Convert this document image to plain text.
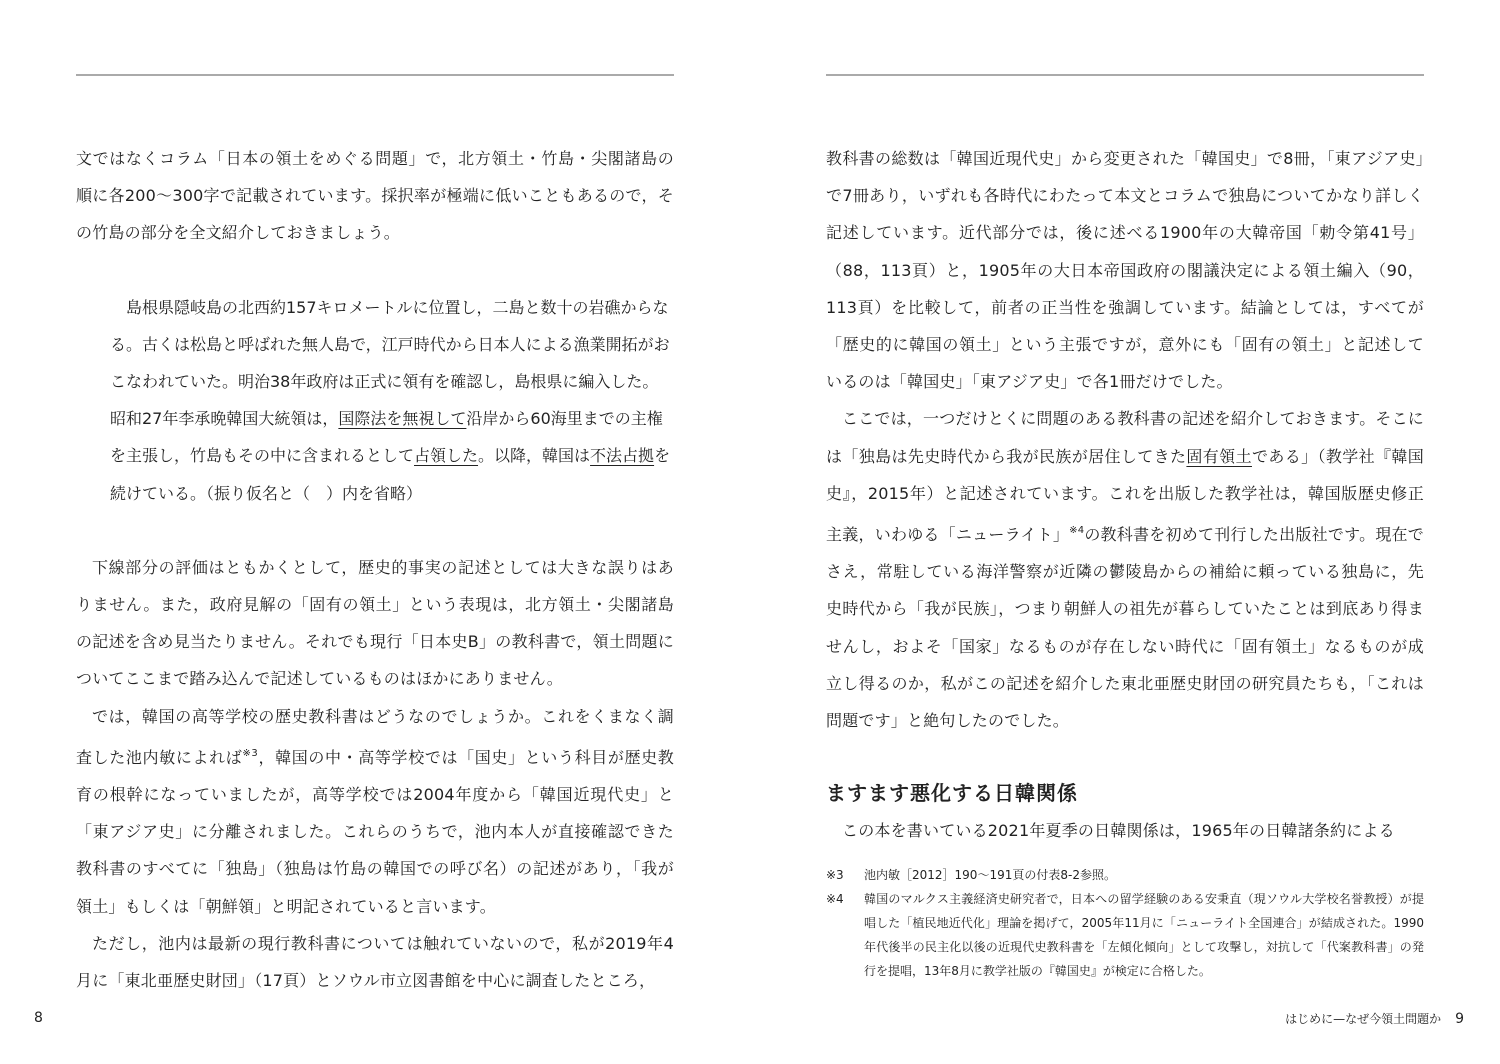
文ではなくコラム「日本の領土をめぐる問題」で，北方領土・竹島・尖閣諸島の順に各200〜300字で記載されています。採択率が極端に低いこともあるので，その竹島の部分を全文紹介しておきましょう。

島根県隠岐島の北西約157キロメートルに位置し，二島と数十の岩礁からなる。古くは松島と呼ばれた無人島で，江戸時代から日本人による漁業開拓がおこなわれていた。明治38年政府は正式に領有を確認し，島根県に編入した。昭和27年李承晩韓国大統領は，国際法を無視して沿岸から60海里までの主権を主張し，竹島もその中に含まれるとして占領した。以降，韓国は不法占拠を続けている。（振り仮名と（　）内を省略）

下線部分の評価はともかくとして，歴史的事実の記述としては大きな誤りはありません。また，政府見解の「固有の領土」という表現は，北方領土・尖閣諸島の記述を含め見当たりません。それでも現行「日本史B」の教科書で，領土問題についてここまで踏み込んで記述しているものはほかにありません。

では，韓国の高等学校の歴史教科書はどうなのでしょうか。これをくまなく調査した池内敏によれば$^{※3}$，韓国の中・高等学校では「国史」という科目が歴史教育の根幹になっていましたが，高等学校では2004年度から「韓国近現代史」と「東アジア史」に分離されました。これらのうちで，池内本人が直接確認できた教科書のすべてに「独島」（独島は竹島の韓国での呼び名）の記述があり，「我が領土」もしくは「朝鮮領」と明記されていると言います。

ただし，池内は最新の現行教科書については触れていないので，私が2019年4月に「東北亜歴史財団」（17頁）とソウル市立図書館を中心に調査したところ，

8

教科書の総数は「韓国近現代史」から変更された「韓国史」で8冊，「東アジア史」で7冊あり，いずれも各時代にわたって本文とコラムで独島についてかなり詳しく記述しています。近代部分では，後に述べる1900年の大韓帝国「勅令第41号」（88，113頁）と，1905年の大日本帝国政府の閣議決定による領土編入（90，113頁）を比較して，前者の正当性を強調しています。結論としては，すべてが「歴史的に韓国の領土」という主張ですが，意外にも「固有の領土」と記述しているのは「韓国史」「東アジア史」で各1冊だけでした。

ここでは，一つだけとくに問題のある教科書の記述を紹介しておきます。そこには「独島は先史時代から我が民族が居住してきた固有領土である」（教学社『韓国史』，2015年）と記述されています。これを出版した教学社は，韓国版歴史修正主義，いわゆる「ニューライト」$^{※4}$の教科書を初めて刊行した出版社です。現在でさえ，常駐している海洋警察が近隣の鬱陵島からの補給に頼っている独島に，先史時代から「我が民族」，つまり朝鮮人の祖先が暮らしていたことは到底あり得ませんし，およそ「国家」なるものが存在しない時代に「固有領土」なるものが成立し得るのか，私がこの記述を紹介した東北亜歴史財団の研究員たちも，「これは問題です」と絶句したのでした。

ますます悪化する日韓関係

この本を書いている2021年夏季の日韓関係は，1965年の日韓諸条約による

※3	池内敏［2012］190〜191頁の付表8-2参照。
※4	韓国のマルクス主義経済史研究者で，日本への留学経験のある安秉直（現ソウル大学校名誉教授）が提唱した「植民地近代化」理論を掲げて，2005年11月に「ニューライト全国連合」が結成された。1990年代後半の民主化以後の近現代史教科書を「左傾化傾向」として攻撃し，対抗して「代案教科書」の発行を提唱，13年8月に教学社版の『韓国史』が検定に合格した。
はじめに—なぜ今領土問題か 9
